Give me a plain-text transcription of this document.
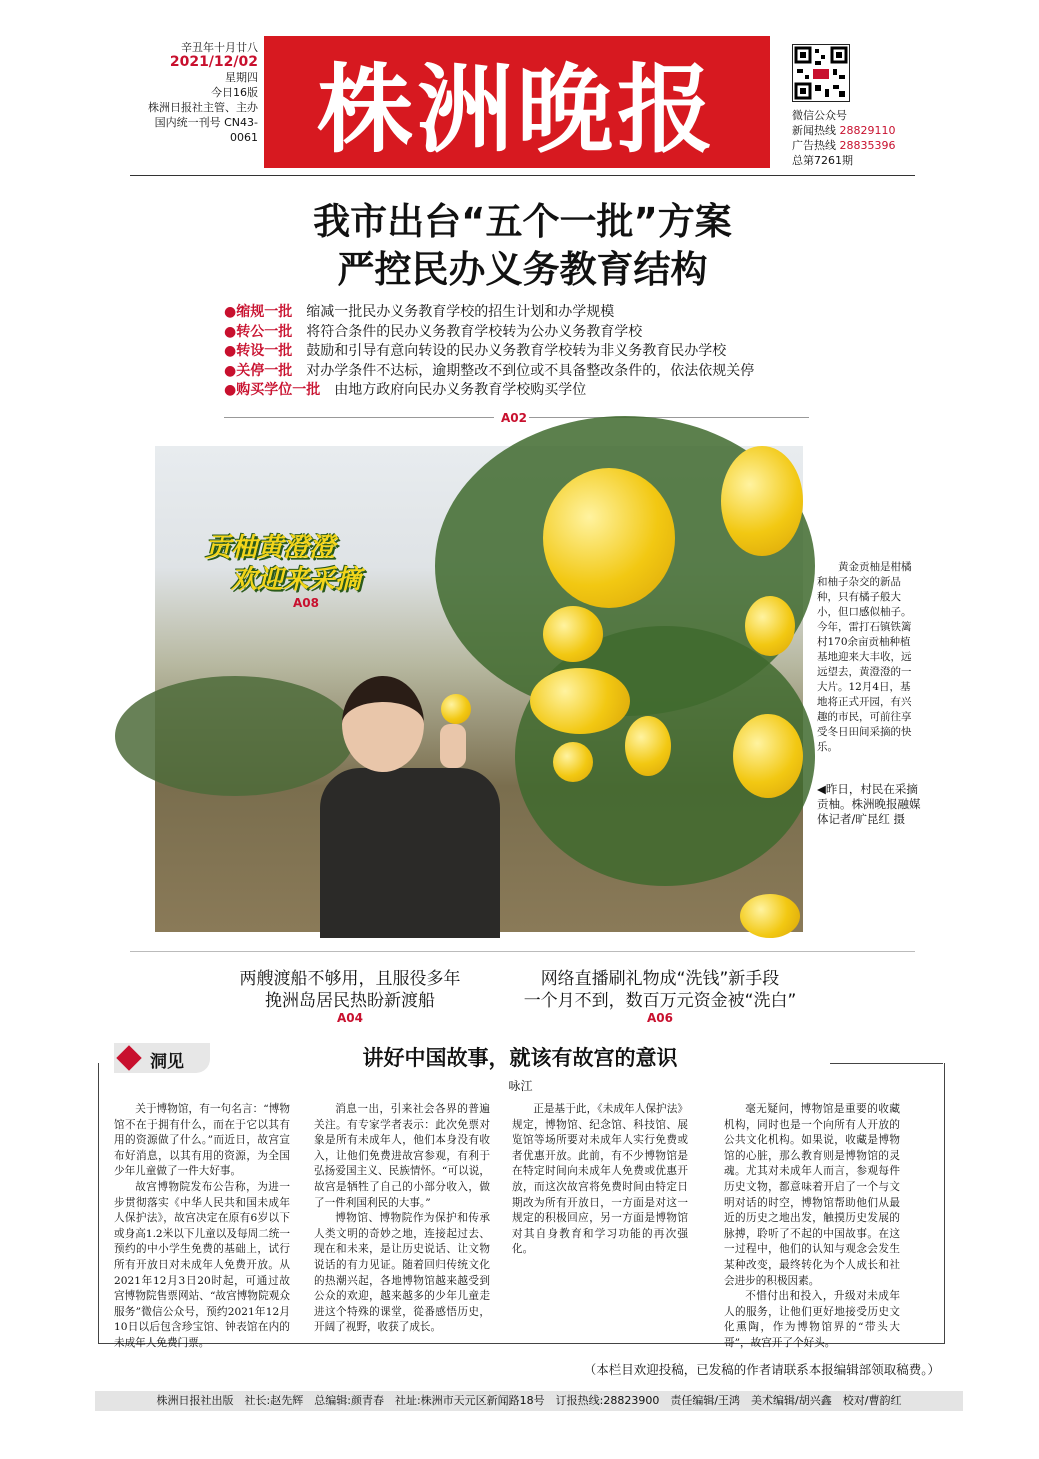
辛丑年十月廿八
2021/12/02
星期四
今日16版
株洲日报社主管、主办
国内统一刊号 CN43-0061 株洲晚报	微信公众号
新闻热线 28829110
广告热线 28835396
总第7261期
我市出台“五个一批”方案
严控民办义务教育结构
●缩规一批　 缩减一批民办义务教育学校的招生计划和办学规模
●转公一批　 将符合条件的民办义务教育学校转为公办义务教育学校
●转设一批　 鼓励和引导有意向转设的民办义务教育学校转为非义务教育民办学校
●关停一批　 对办学条件不达标，逾期整改不到位或不具备整改条件的，依法依规关停
●购买学位一批　 由地方政府向民办义务教育学校购买学位
A02
贡柚黄澄澄
欢迎来采摘
A08
黄金贡柚是柑橘和柚子杂交的新品种，只有橘子般大小，但口感似柚子。今年，雷打石镇铁篱村170余亩贡柚种植基地迎来大丰收，远远望去，黄澄澄的一大片。12月4日，基地将正式开园，有兴趣的市民，可前往享受冬日田间采摘的快乐。
◀昨日，村民在采摘贡柚。株洲晚报融媒体记者/旷昆红 摄
两艘渡船不够用，且服役多年
挽洲岛居民热盼新渡船
A04
网络直播刷礼物成“洗钱”新手段
一个月不到，数百万元资金被“洗白”
A06
洞见	讲好中国故事，就该有故宫的意识
咏江

关于博物馆，有一句名言：“博物馆不在于拥有什么，而在于它以其有用的资源做了什么。”而近日，故宫宣布好消息，以其有用的资源，为全国少年儿童做了一件大好事。

故宫博物院发布公告称，为进一步贯彻落实《中华人民共和国未成年人保护法》，故宫决定在原有6岁以下或身高1.2米以下儿童以及每周二统一预约的中小学生免费的基础上，试行所有开放日对未成年人免费开放。从2021年12月3日20时起，可通过故宫博物院售票网站、“故宫博物院观众服务”微信公众号，预约2021年12月10日以后包含珍宝馆、钟表馆在内的未成年人免费门票。

消息一出，引来社会各界的普遍关注。有专家学者表示：此次免票对象是所有未成年人，他们本身没有收入，让他们免费进故宫参观，有利于弘扬爱国主义、民族情怀。“可以说，故宫是牺牲了自己的小部分收入，做了一件利国利民的大事。”

博物馆、博物院作为保护和传承人类文明的奇妙之地，连接起过去、现在和未来，是让历史说话、让文物说话的有力见证。随着回归传统文化的热潮兴起，各地博物馆越来越受到公众的欢迎，越来越多的少年儿童走进这个特殊的课堂，從番感悟历史，开阔了视野，收获了成长。

正是基于此，《未成年人保护法》规定，博物馆、纪念馆、科技馆、展览馆等场所要对未成年人实行免费或者优惠开放。此前，有不少博物馆是在特定时间向未成年人免费或优惠开放，而这次故宫将免费时间由特定日期改为所有开放日，一方面是对这一规定的积极回应，另一方面是博物馆对其自身教育和学习功能的再次强化。

毫无疑问，博物馆是重要的收藏机构，同时也是一个向所有人开放的公共文化机构。如果说，收藏是博物馆的心脏，那么教育则是博物馆的灵魂。尤其对未成年人而言，参观每件历史文物，都意味着开启了一个与文明对话的时空，博物馆帮助他们从最近的历史之地出发，触摸历史发展的脉搏，聆听了不起的中国故事。在这一过程中，他们的认知与观念会发生某种改变，最终转化为个人成长和社会进步的积极因素。

不惜付出和投入，升级对未成年人的服务，让他们更好地接受历史文化熏陶，作为博物馆界的“带头大哥”，故宫开了个好头。

（本栏目欢迎投稿，已发稿的作者请联系本报编辑部领取稿费。）
株洲日报社出版　社长:赵先辉　总编辑:颜青春　社址:株洲市天元区新闻路18号　订报热线:28823900　责任编辑/王鸿　美术编辑/胡兴鑫　校对/曹韵红
